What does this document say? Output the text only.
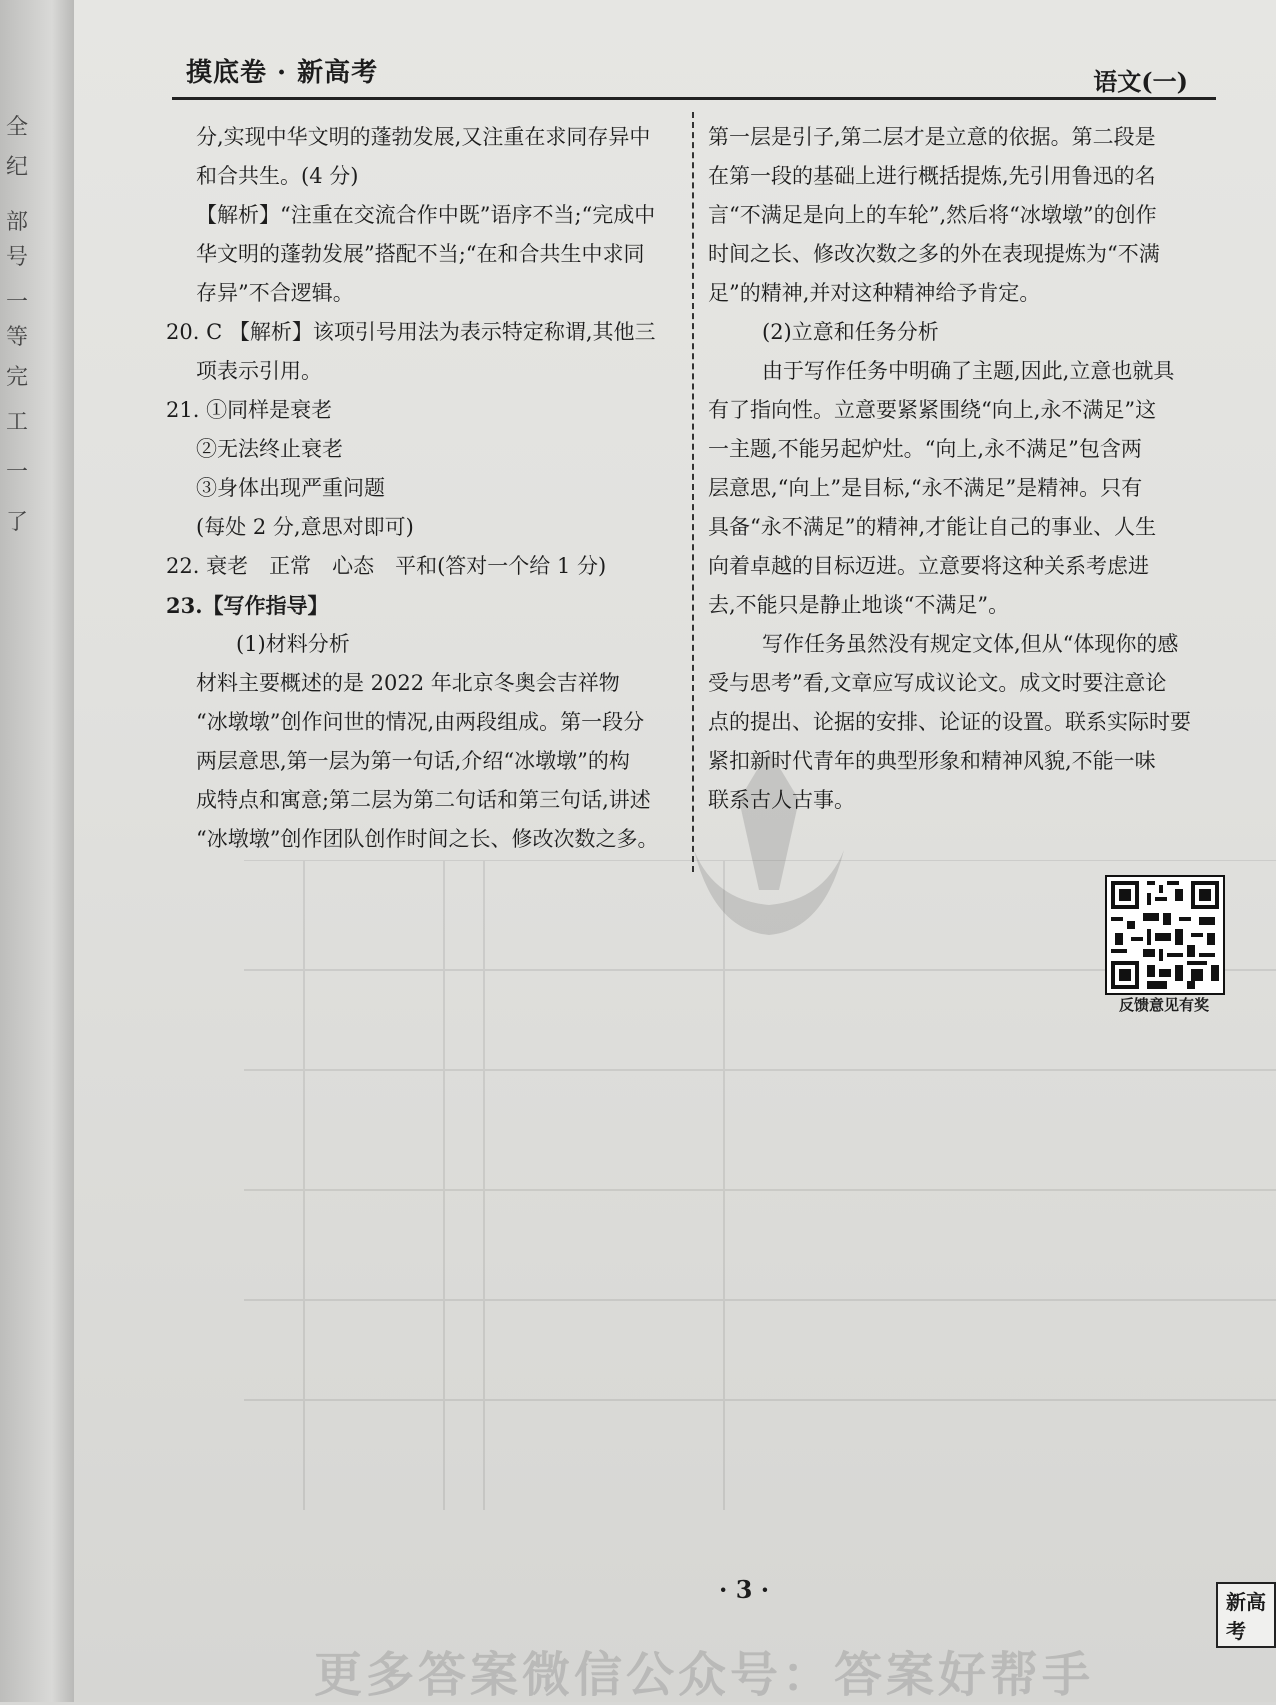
全
纪
部
号
一
等
完
工
一
了
摸底卷 · 新高考	语文(一)
分,实现中华文明的蓬勃发展,又注重在求同存异中
和合共生。(4 分)
【解析】“注重在交流合作中既”语序不当;“完成中
华文明的蓬勃发展”搭配不当;“在和合共生中求同
存异”不合逻辑。
20. C 【解析】该项引号用法为表示特定称谓,其他三
项表示引用。
21. ①同样是衰老
②无法终止衰老
③身体出现严重问题
(每处 2 分,意思对即可)
22. 衰老　正常　心态　平和(答对一个给 1 分)
23.【写作指导】
(1)材料分析
材料主要概述的是 2022 年北京冬奥会吉祥物
“冰墩墩”创作问世的情况,由两段组成。第一段分
两层意思,第一层为第一句话,介绍“冰墩墩”的构
成特点和寓意;第二层为第二句话和第三句话,讲述
“冰墩墩”创作团队创作时间之长、修改次数之多。
第一层是引子,第二层才是立意的依据。第二段是
在第一段的基础上进行概括提炼,先引用鲁迅的名
言“不满足是向上的车轮”,然后将“冰墩墩”的创作
时间之长、修改次数之多的外在表现提炼为“不满
足”的精神,并对这种精神给予肯定。
(2)立意和任务分析
由于写作任务中明确了主题,因此,立意也就具
有了指向性。立意要紧紧围绕“向上,永不满足”这
一主题,不能另起炉灶。“向上,永不满足”包含两
层意思,“向上”是目标,“永不满足”是精神。只有
具备“永不满足”的精神,才能让自己的事业、人生
向着卓越的目标迈进。立意要将这种关系考虑进
去,不能只是静止地谈“不满足”。
写作任务虽然没有规定文体,但从“体现你的感
受与思考”看,文章应写成议论文。成文时要注意论
点的提出、论据的安排、论证的设置。联系实际时要
紧扣新时代青年的典型形象和精神风貌,不能一味
联系古人古事。
反馈意见有奖
· 3 ·	新高考
更多答案微信公众号：答案好帮手
